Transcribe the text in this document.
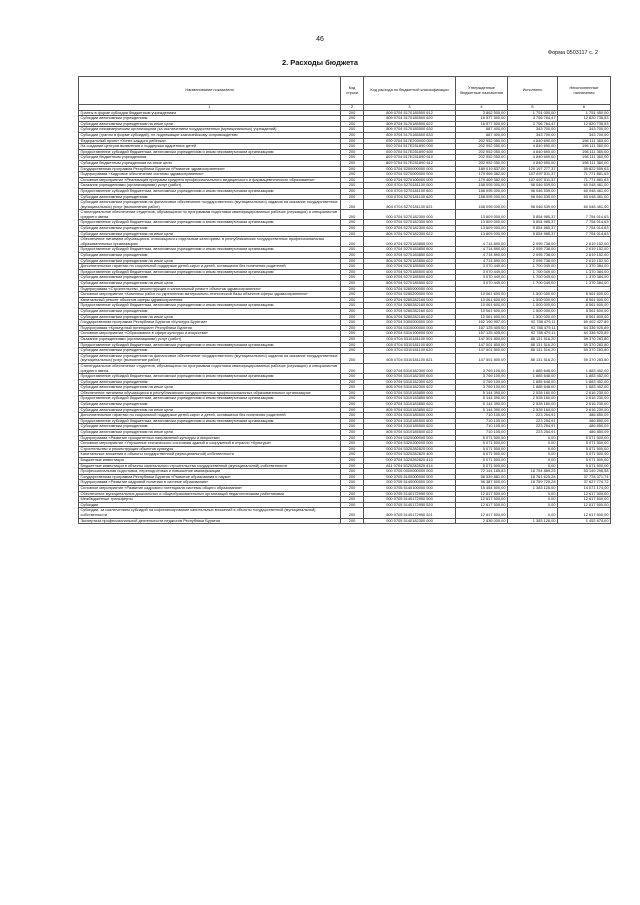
46
Форма 0503117 с. 2
2. Расходы бюджета
Наименование показателя	Код строки	Код расхода по бюджетной классификации	Утвержденные бюджетные назначения	Исполнено	Неисполненные назначения
1	2	3	4	5	6
Гранты в форме субсидии бюджетным учреждениям	200	809 0704 5170185500 612	3 862 500,00	1 751 050,00	1 751 450,00
Субсидии автономным учреждениям	200	809 0704 5170185500 620	16 577 500,00	3 756 764,47	12 820 735,53
Субсидии автономным учреждениям на иные цели	200	809 0704 5170185500 622	16 577 500,00	3 756 764,47	12 820 735,53
Субсидии некоммерческим организациям (за исключением государственных (муниципальных) учреждений)	200	809 0704 5170185500 630	687 400,00	343 700,00	343 700,00
Субсидии (гранты в форме субсидий), не подлежащие казначейскому сопровождению	200	809 0704 5170185500 633	687 400,00	343 700,00	343 700,00
Федеральный проект «Успех каждого ребенка»	200	000 0704 517E200000 000	202 952 050,00	4 840 690,00	198 111 360,00
На создание центров выявления и поддержки одаренных детей	200	000 0704 517E251890 000	202 952 050,00	4 840 690,00	198 111 360,00
Предоставление субсидий бюджетным, автономным учреждениям и иным некоммерческим организациям	200	000 0704 517E251890 600	202 952 050,00	4 840 690,00	198 111 360,00
Субсидии бюджетным учреждениям	200	809 0704 517E251890 610	202 952 050,00	4 840 690,00	198 111 360,00
Субсидии бюджетным учреждениям на иные цели	200	809 0704 517E251890 612	202 952 050,00	4 840 690,00	198 111 360,00
Государственная программа Республики Бурятия «Развитие здравоохранения»	200	000 0704 5200000000 000	189 019 837,00	129 197 277,37	59 822 559,63
Подпрограмма «Кадровое обеспечение системы здравоохранения»	200	000 0704 5270000000 000	179 469 382,00	107 697 511,37	71 771 881,63
Основное мероприятие «Реализация программ среднего профессионального медицинского и фармацевтического образования»	200	000 0704 5270100000 000	179 469 382,00	107 697 511,37	71 771 881,63
Оказание учреждениями (организациями) услуг (работ)	200	000 0704 5270181100 000	158 095 000,00	98 046 539,00	60 048 461,00
Предоставление субсидий бюджетным, автономным учреждениям и иным некоммерческим организациям	200	000 0704 5270181100 600	158 095 000,00	98 046 539,00	60 048 461,00
Субсидии автономным учреждениям	200	000 0704 5270181100 620	158 095 000,00	98 046 539,00	60 048 461,00
Субсидии автономным учреждениям на финансовое обеспечение государственного (муниципального) задания на оказание государственных (муниципальных) услуг (выполнение работ)	200	804 0704 5270181100 621	158 095 000,00	98 046 539,00	60 048 461,00
Стипендиальное обеспечение студентов, обучающихся по программам подготовки квалифицированных рабочих (служащих) и специалистов среднего звена	200	000 0704 5270182300 000	13 609 000,00	5 854 985,37	7 754 014,63
Предоставление субсидий бюджетным, автономным учреждениям и иным некоммерческим организациям	200	000 0704 5270182300 600	13 609 000,00	5 854 985,37	7 754 014,63
Субсидии автономным учреждениям	200	000 0704 5270182300 620	13 609 000,00	5 854 985,37	7 754 014,63
Субсидии автономным учреждениям на иные цели	200	804 0704 5270182300 622	13 609 000,00	5 854 985,37	7 754 014,63
Обеспечение питанием обучающихся, относящихся к отдельным категориям, в республиканских государственных профессиональных образовательных организациях	200	000 0704 5270183850 000	4 714 890,00	2 095 738,00	2 619 152,00
Предоставление субсидий бюджетным, автономным учреждениям и иным некоммерческим организациям	200	000 0704 5270183850 600	4 714 890,00	2 095 738,00	2 619 152,00
Субсидии автономным учреждениям	200	000 0704 5270183850 620	4 714 890,00	2 095 738,00	2 619 152,00
Субсидии автономным учреждениям на иные цели	200	804 0704 5270183850 622	4 714 890,00	2 095 738,00	2 619 152,00
Дополнительные гарантии по социальной поддержке детей-сирот и детей, оставшихся без попечения родителей	200	000 0704 5270185500 000	3 070 449,00	1 700 049,00	1 370 384,00
Предоставление субсидий бюджетным, автономным учреждениям и иным некоммерческим организациям	200	000 0704 5270185500 600	3 070 449,00	1 700 049,00	1 370 384,00
Субсидии автономным учреждениям	200	000 0704 5270185500 620	3 070 449,00	1 700 049,00	1 370 384,00
Субсидии автономным учреждениям на иные цели	200	804 0704 5270185500 622	3 070 449,00	1 700 049,00	1 370 384,00
Подпрограмма «Строительство, реконструкция и капитальный ремонт объектов здравоохранения»	200	000 0704 5280000000 000			
Основное мероприятие «Комплекс работ по укреплению материально-технической базы объектов сферы здравоохранения»	200	000 0704 5280200000 000	10 061 600,00	1 500 000,00	8 561 600,00
Капитальный ремонт объектов сферы здравоохранения	200	000 0704 5280282160 000	10 061 600,00	1 500 000,00	8 561 600,00
Предоставление субсидий бюджетным, автономным учреждениям и иным некоммерческим организациям	200	000 0704 5280282160 600	10 061 600,00	1 500 000,00	8 561 600,00
Субсидии автономным учреждениям	200	000 0704 5280282160 620	10 061 600,00	1 500 000,00	8 561 600,00
Субсидии автономным учреждениям на иные цели	200	804 0704 5280282160 622	10 061 600,00	1 500 000,00	8 561 600,00
Государственная программа Республики Бурятия «Культура Бурятии»	200	000 0704 5300000000 000	162 190 907,00	92 788 479,11	69 402 427,89
Подпрограмма «Культурный потенциал» Республики Бурятия	200	000 0704 5310000000 000	157 125 405,00	92 788 479,11	64 336 925,89
Основное мероприятие «Образование в сфере культуры и искусства»	200	000 0704 5310100000 000	157 125 405,00	92 788 479,11	64 336 925,89
Оказание учреждениями (организациями) услуг (работ)	200	000 0704 5310181100 000	147 501 800,00	88 131 516,20	59 370 283,80
Предоставление субсидий бюджетным, автономным учреждениям и иным некоммерческим организациям	200	000 0704 5310181100 600	147 501 800,00	88 131 516,20	59 370 283,80
Субсидии автономным учреждениям	200	000 0704 5310181100 620	147 501 800,00	88 131 516,20	59 370 283,80
Субсидии автономным учреждениям на финансовое обеспечение государственного (муниципального) задания на оказание государственных (муниципальных) услуг (выполнение работ)	200	805 0704 5310181100 621	147 501 800,00	88 131 516,20	59 370 283,80
Стипендиальное обеспечение студентов, обучающихся по программам подготовки квалифицированных рабочих (служащих) и специалистов среднего звена	200	000 0704 5310182300 000	3 769 100,00	1 885 648,00	1 883 452,00
Предоставление субсидий бюджетным, автономным учреждениям и иным некоммерческим организациям	200	000 0704 5310182300 600	3 769 100,00	1 885 648,00	1 883 452,00
Субсидии автономным учреждениям	200	000 0704 5310182300 620	3 769 100,00	1 885 648,00	1 883 452,00
Субсидии автономным учреждениям на иные цели	200	805 0704 5310182300 622	3 769 100,00	1 885 648,00	1 883 452,00
Обеспечение питанием обучающихся в республиканских государственных профессиональных образовательных организациях	200	000 0704 5310183850 000	5 144 390,00	2 528 160,00	2 616 230,00
Предоставление субсидий бюджетным, автономным учреждениям и иным некоммерческим организациям	200	000 0704 5310183850 600	5 144 390,00	2 528 160,00	2 616 230,00
Субсидии автономным учреждениям	200	000 0704 5310183850 620	5 144 390,00	2 528 160,00	2 616 230,00
Субсидии автономным учреждениям на иные цели	200	805 0704 5310183850 622	5 144 390,00	2 528 160,00	2 616 230,00
Дополнительные гарантии по социальной поддержке детей-сирот и детей, оставшихся без попечения родителей	200	000 0704 5310185500 000	710 105,00	223 254,91	486 850,09
Предоставление субсидий бюджетным, автономным учреждениям и иным некоммерческим организациям	200	000 0704 5310185500 600	710 105,00	223 254,91	486 850,09
Субсидии автономным учреждениям	200	000 0704 5310185500 620	710 105,00	223 254,91	486 850,09
Субсидии автономным учреждениям на иные цели	200	805 0704 5310185500 622	710 105,00	223 254,91	486 850,09
Подпрограмма «Развитие приоритетных направлений культуры и искусства»	200	000 0704 5320000000 000	5 071 500,00	0,00	5 071 500,00
Основное мероприятие «Улучшение технического состояния зданий и сооружений в отрасли «Культура»	200	000 0704 5320200000 000	5 071 500,00	0,00	5 071 500,00
Строительство и реконструкция объектов культуры	200	000 0704 5320282820 000	5 071 500,00	0,00	5 071 500,00
Капитальные вложения в объекты государственной (муниципальной) собственности	200	000 0704 5320282820 400	5 071 500,00	0,00	5 071 500,00
Бюджетные инвестиции	200	000 0704 5320282820 410	5 071 500,00	0,00	5 071 500,00
Бюджетные инвестиции в объекты капитального строительства государственной (муниципальной) собственности	200	811 0704 5320282820 414	5 071 500,00	0,00	5 071 500,00
Профессиональная подготовка, переподготовка и повышение квалификации	200	000 0705 0000000000 000	72 144 185,83	18 794 889,25	53 149 296,58
Государственная программа Республики Бурятия «Развитие образования и науки»	200	000 0705 5100000000 000	56 539 881,00	18 761 625,28	37 778 371,74
Подпрограмма «Развитие кадровой политики в системе образования»	200	000 0705 5140000000 000	56 387 500,00	18 759 725,28	37 627 774,72
Основное мероприятие «Развитие кадрового потенциала системы общего образования»	200	000 0705 5140100000 000	15 454 500,00	1 383 126,00	14 071 174,00
Обеспечение муниципальных дошкольных и общеобразовательных организаций педагогическими работниками	200	000 0705 5140172950 000	12 617 500,00	0,00	12 617 500,00
Межбюджетные трансферты	200	000 0705 5140172950 500	12 617 500,00	0,00	12 617 500,00
Субсидии	200	000 0705 5140172950 520	12 617 500,00	0,00	12 617 500,00
Субсидии, за исключением субсидий на софинансирование капитальных вложений в объекты государственной (муниципальной) собственности	200	809 0705 5140172950 521	12 617 500,00	0,00	12 617 500,00
Экспертиза профессиональной деятельности педагогов Республики Бурятия	200	000 0705 5140182300 000	2 836 000,00	1 383 126,00	1 452 874,00
